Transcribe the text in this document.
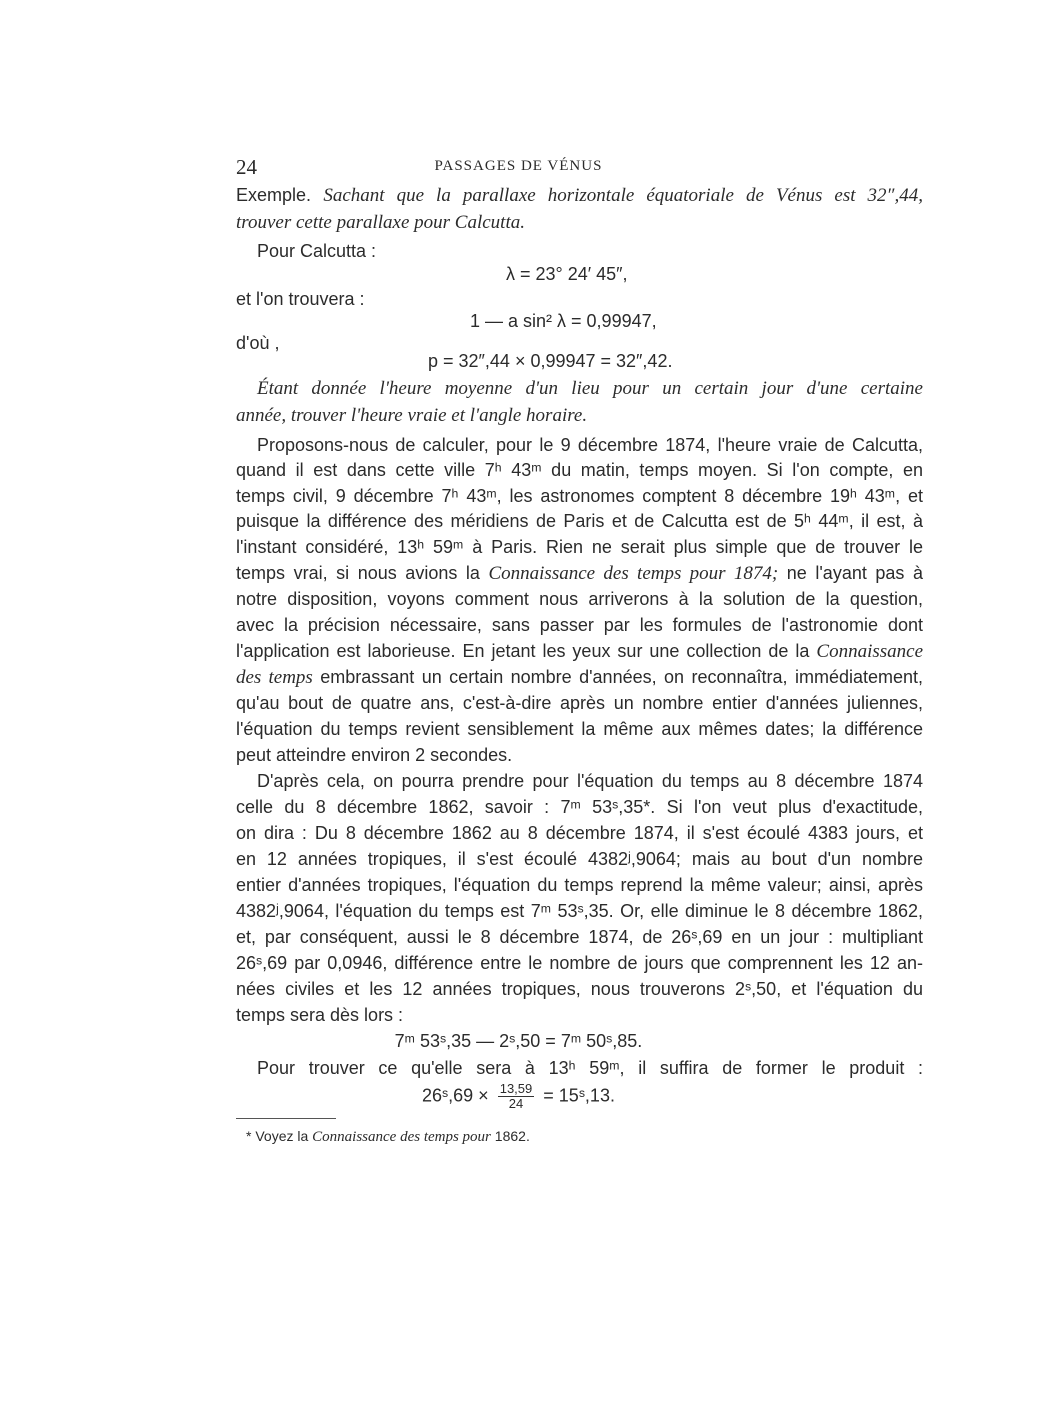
24	PASSAGES DE VÉNUS
Exemple. Sachant que la parallaxe horizontale équatoriale de Vénus est 32″,44,
trouver cette parallaxe pour Calcutta.
Pour Calcutta :
λ = 23° 24′ 45″,
et l'on trouvera :
1 — a sin² λ = 0,99947,
d'où ,
p = 32″,44 × 0,99947 = 32″,42.
Étant donnée l'heure moyenne d'un lieu pour un certain jour d'une certaine
année, trouver l'heure vraie et l'angle horaire.
Proposons-nous de calculer, pour le 9 décembre 1874, l'heure vraie de Calcutta,
quand il est dans cette ville 7ʰ 43ᵐ du matin, temps moyen. Si l'on compte, en
temps civil, 9 décembre 7ʰ 43ᵐ, les astronomes comptent 8 décembre 19ʰ 43ᵐ, et
puisque la différence des méridiens de Paris et de Calcutta est de 5ʰ 44ᵐ, il est, à
l'instant considéré, 13ʰ 59ᵐ à Paris. Rien ne serait plus simple que de trouver le
temps vrai, si nous avions la Connaissance des temps pour 1874; ne l'ayant pas à
notre disposition, voyons comment nous arriverons à la solution de la question,
avec la précision nécessaire, sans passer par les formules de l'astronomie dont
l'application est laborieuse. En jetant les yeux sur une collection de la Connaissance
des temps embrassant un certain nombre d'années, on reconnaîtra, immédiatement,
qu'au bout de quatre ans, c'est-à-dire après un nombre entier d'années juliennes,
l'équation du temps revient sensiblement la même aux mêmes dates; la différence
peut atteindre environ 2 secondes.
D'après cela, on pourra prendre pour l'équation du temps au 8 décembre 1874
celle du 8 décembre 1862, savoir : 7ᵐ 53ˢ,35*. Si l'on veut plus d'exactitude,
on dira : Du 8 décembre 1862 au 8 décembre 1874, il s'est écoulé 4383 jours, et
en 12 années tropiques, il s'est écoulé 4382ʲ,9064; mais au bout d'un nombre
entier d'années tropiques, l'équation du temps reprend la même valeur; ainsi, après
4382ʲ,9064, l'équation du temps est 7ᵐ 53ˢ,35. Or, elle diminue le 8 décembre 1862,
et, par conséquent, aussi le 8 décembre 1874, de 26ˢ,69 en un jour : multipliant
26ˢ,69 par 0,0946, différence entre le nombre de jours que comprennent les 12 an-
nées civiles et les 12 années tropiques, nous trouverons 2ˢ,50, et l'équation du
temps sera dès lors :
7ᵐ 53ˢ,35 — 2ˢ,50 = 7ᵐ 50ˢ,85.
Pour trouver ce qu'elle sera à 13ʰ 59ᵐ, il suffira de former le produit :
26ˢ,69 × $\frac{13,59}{24}$ = 15ˢ,13.
* Voyez la Connaissance des temps pour 1862.
